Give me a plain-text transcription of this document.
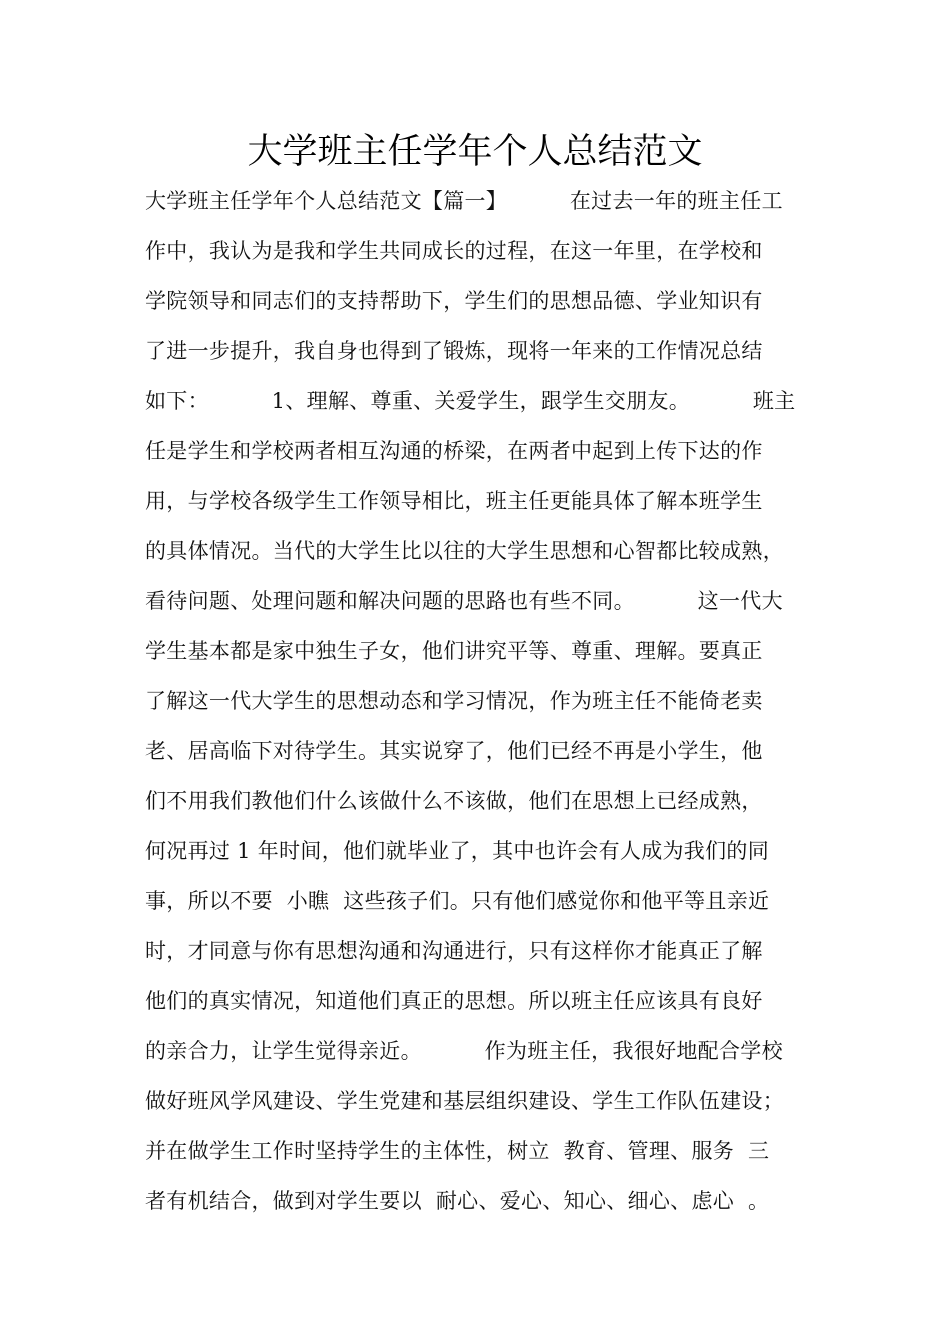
大学班主任学年个人总结范文
大学班主任学年个人总结范文【篇一】         在过去一年的班主任工
作中，我认为是我和学生共同成长的过程，在这一年里，在学校和
学院领导和同志们的支持帮助下，学生们的思想品德、学业知识有
了进一步提升，我自身也得到了锻炼，现将一年来的工作情况总结
如下：         1、理解、尊重、关爱学生，跟学生交朋友。         班主
任是学生和学校两者相互沟通的桥梁，在两者中起到上传下达的作
用，与学校各级学生工作领导相比，班主任更能具体了解本班学生
的具体情况。当代的大学生比以往的大学生思想和心智都比较成熟，
看待问题、处理问题和解决问题的思路也有些不同。         这一代大
学生基本都是家中独生子女，他们讲究平等、尊重、理解。要真正
了解这一代大学生的思想动态和学习情况，作为班主任不能倚老卖
老、居高临下对待学生。其实说穿了，他们已经不再是小学生，他
们不用我们教他们什么该做什么不该做，他们在思想上已经成熟，
何况再过 1 年时间，他们就毕业了，其中也许会有人成为我们的同
事，所以不要  小瞧  这些孩子们。只有他们感觉你和他平等且亲近
时，才同意与你有思想沟通和沟通进行，只有这样你才能真正了解
他们的真实情况，知道他们真正的思想。所以班主任应该具有良好
的亲合力，让学生觉得亲近。         作为班主任，我很好地配合学校
做好班风学风建设、学生党建和基层组织建设、学生工作队伍建设；
并在做学生工作时坚持学生的主体性，树立  教育、管理、服务  三
者有机结合，做到对学生要以  耐心、爱心、知心、细心、虑心  。
